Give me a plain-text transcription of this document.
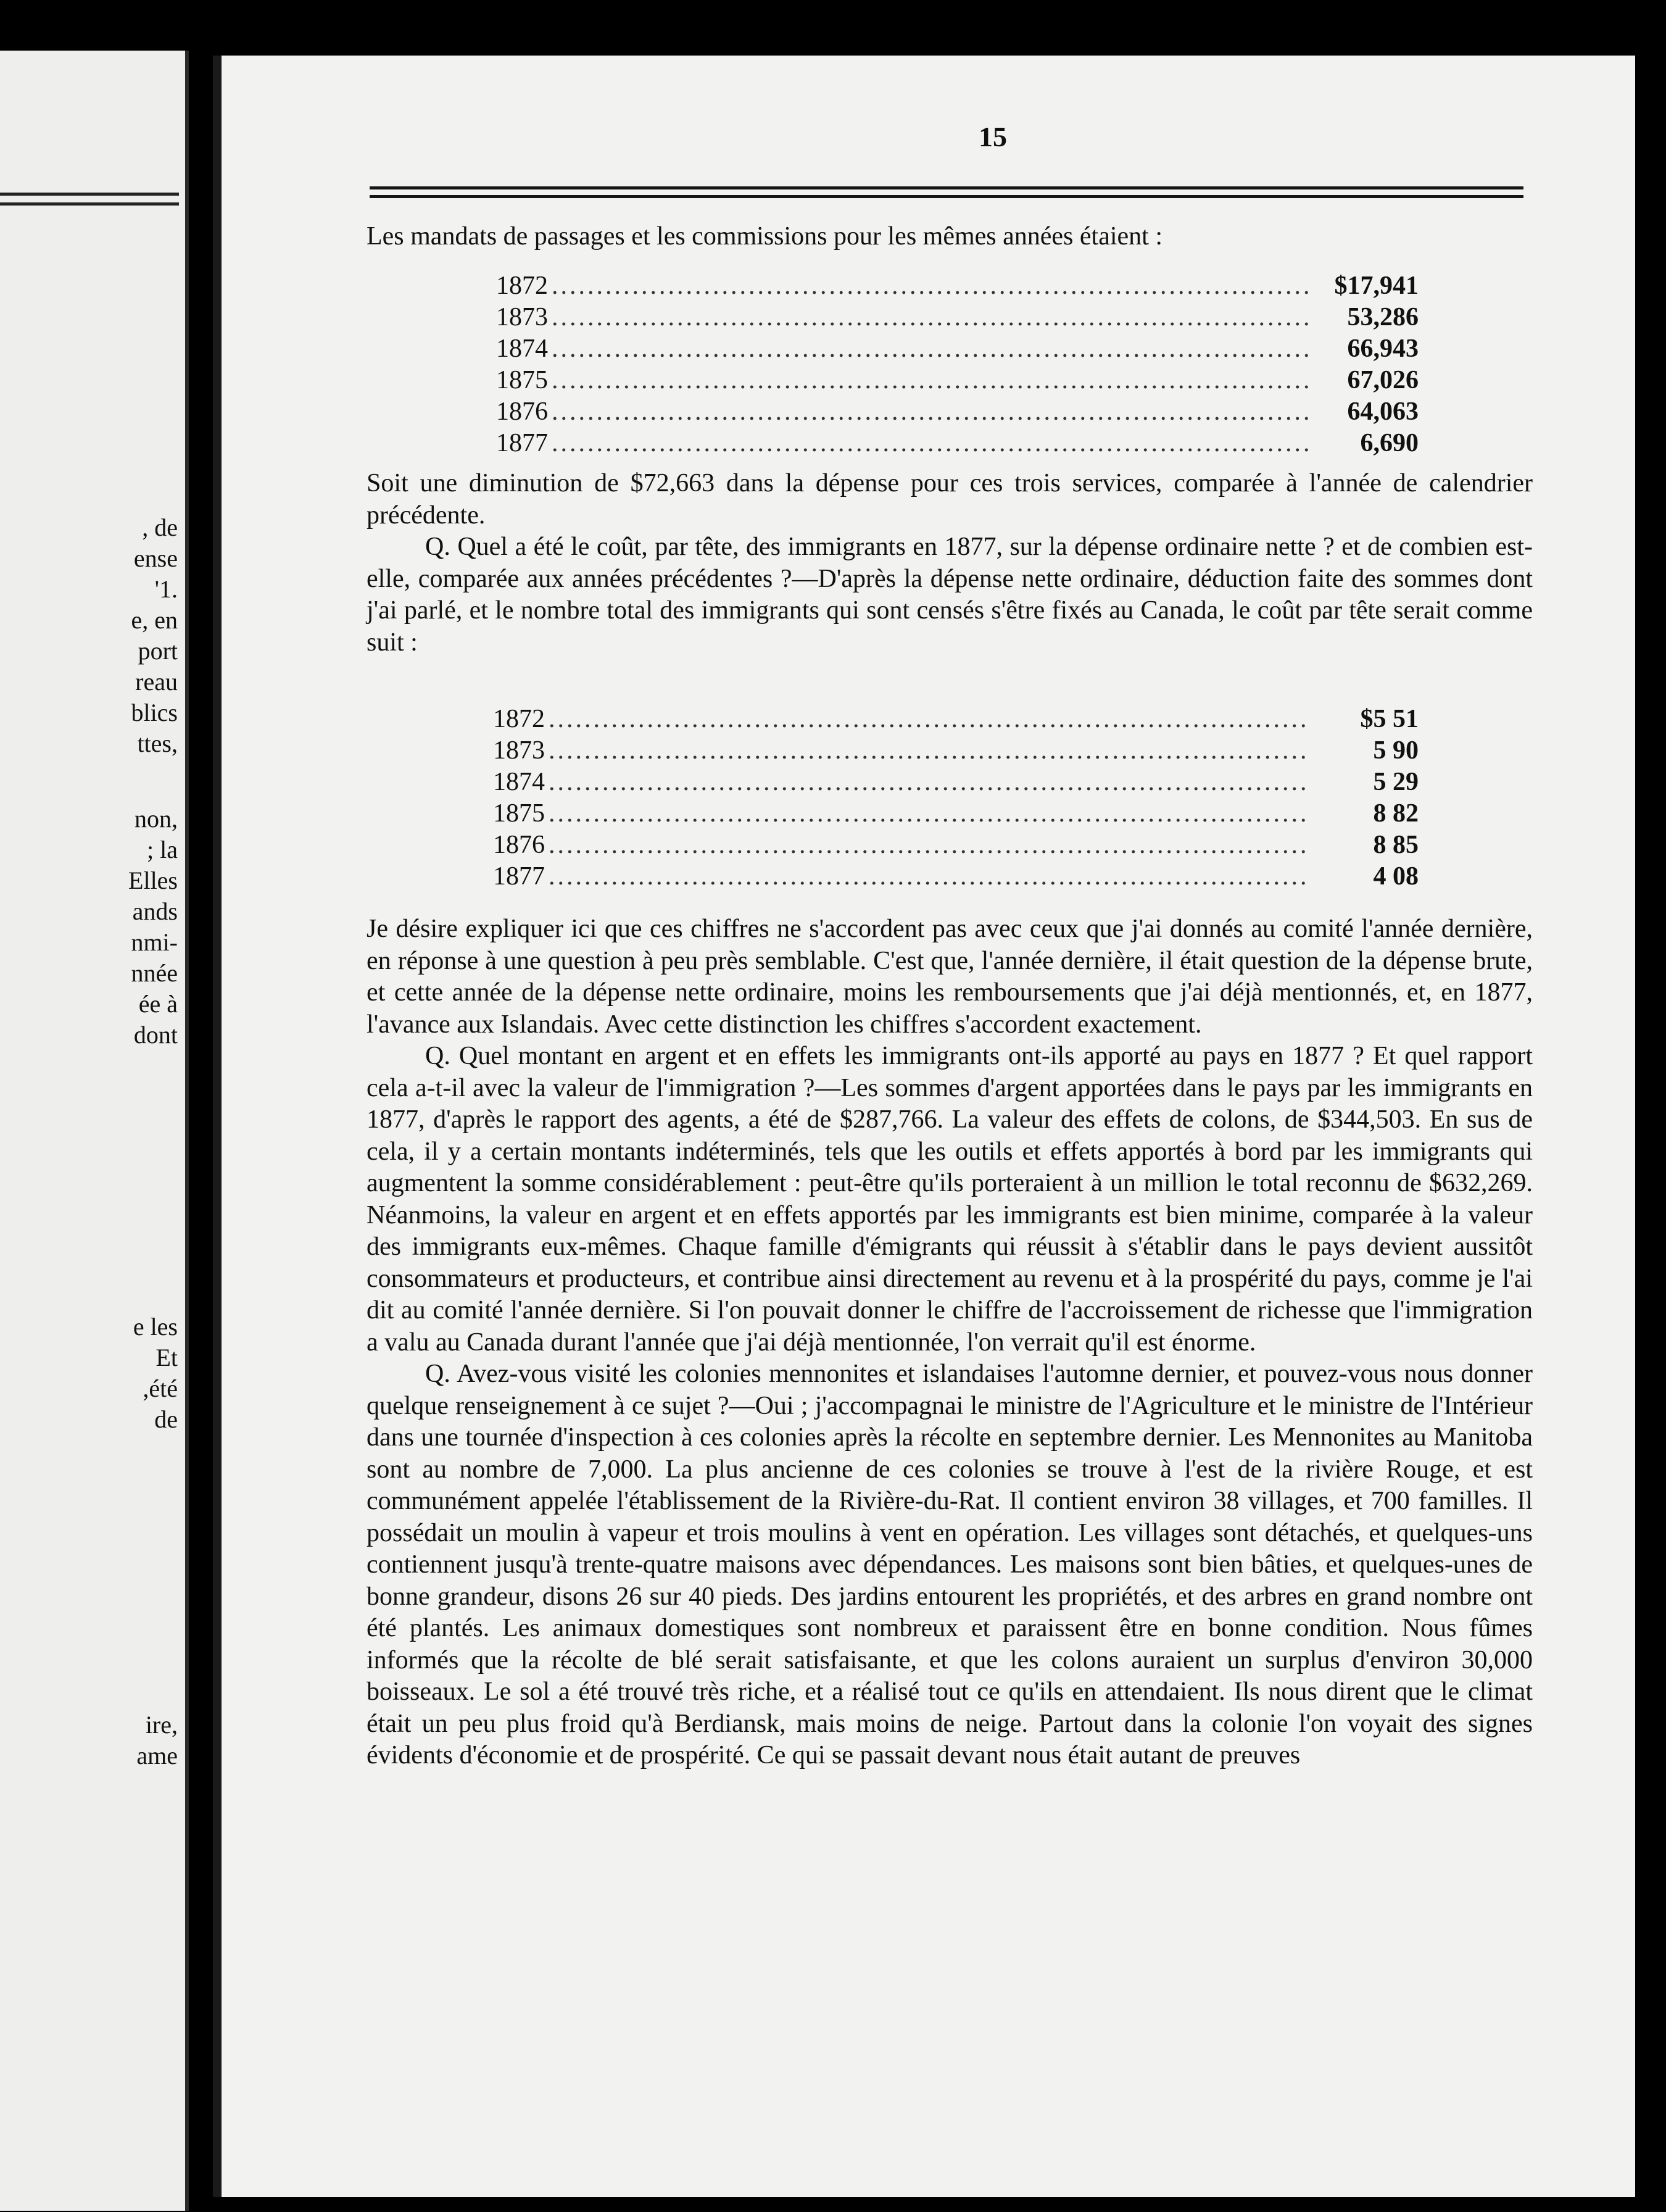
, de
ense
'1.
e, en
port
reau
blics
ttes,
non,
; la
Elles
ands
nmi-
nnée
ée à
dont
e les
Et
,été
de
ire,
ame
15

Les mandats de passages et les commissions pour les mêmes années étaient :

1872 .....	$17,941
1873 .....	53,286
1874 .....	66,943
1875 .....	67,026
1876 .....	64,063
1877 .....	6,690

Soit une diminution de $72,663 dans la dépense pour ces trois services, comparée à l'année de calendrier précédente.

Q. Quel a été le coût, par tête, des immigrants en 1877, sur la dépense ordinaire nette ? et de combien est-elle, comparée aux années précédentes ?—D'après la dépense nette ordinaire, déduction faite des sommes dont j'ai parlé, et le nombre total des immigrants qui sont censés s'être fixés au Canada, le coût par tête serait comme suit :

1872 .....	$5 51
1873 .....	5 90
1874 .....	5 29
1875 .....	8 82
1876 .....	8 85
1877 .....	4 08

Je désire expliquer ici que ces chiffres ne s'accordent pas avec ceux que j'ai donnés au comité l'année dernière, en réponse à une question à peu près semblable. C'est que, l'année dernière, il était question de la dépense brute, et cette année de la dépense nette ordinaire, moins les remboursements que j'ai déjà mentionnés, et, en 1877, l'avance aux Islandais. Avec cette distinction les chiffres s'accordent exactement.

Q. Quel montant en argent et en effets les immigrants ont-ils apporté au pays en 1877 ? Et quel rapport cela a-t-il avec la valeur de l'immigration ?—Les sommes d'argent apportées dans le pays par les immigrants en 1877, d'après le rapport des agents, a été de $287,766. La valeur des effets de colons, de $344,503. En sus de cela, il y a certain montants indéterminés, tels que les outils et effets apportés à bord par les immigrants qui augmentent la somme considérablement : peut-être qu'ils porteraient à un million le total reconnu de $632,269. Néanmoins, la valeur en argent et en effets apportés par les immigrants est bien minime, comparée à la valeur des immigrants eux-mêmes. Chaque famille d'émigrants qui réussit à s'établir dans le pays devient aussitôt consommateurs et producteurs, et contribue ainsi directement au revenu et à la prospérité du pays, comme je l'ai dit au comité l'année dernière. Si l'on pouvait donner le chiffre de l'accroissement de richesse que l'immigration a valu au Canada durant l'année que j'ai déjà mentionnée, l'on verrait qu'il est énorme.

Q. Avez-vous visité les colonies mennonites et islandaises l'automne dernier, et pouvez-vous nous donner quelque renseignement à ce sujet ?—Oui ; j'accompagnai le ministre de l'Agriculture et le ministre de l'Intérieur dans une tournée d'inspection à ces colonies après la récolte en septembre dernier. Les Mennonites au Manitoba sont au nombre de 7,000. La plus ancienne de ces colonies se trouve à l'est de la rivière Rouge, et est communément appelée l'établissement de la Rivière-du-Rat. Il contient environ 38 villages, et 700 familles. Il possédait un moulin à vapeur et trois moulins à vent en opération. Les villages sont détachés, et quelques-uns contiennent jusqu'à trente-quatre maisons avec dépendances. Les maisons sont bien bâties, et quelques-unes de bonne grandeur, disons 26 sur 40 pieds. Des jardins entourent les propriétés, et des arbres en grand nombre ont été plantés. Les animaux domestiques sont nombreux et paraissent être en bonne condition. Nous fûmes informés que la récolte de blé serait satisfaisante, et que les colons auraient un surplus d'environ 30,000 boisseaux. Le sol a été trouvé très riche, et a réalisé tout ce qu'ils en attendaient. Ils nous dirent que le climat était un peu plus froid qu'à Berdiansk, mais moins de neige. Partout dans la colonie l'on voyait des signes évidents d'économie et de prospérité. Ce qui se passait devant nous était autant de preuves
